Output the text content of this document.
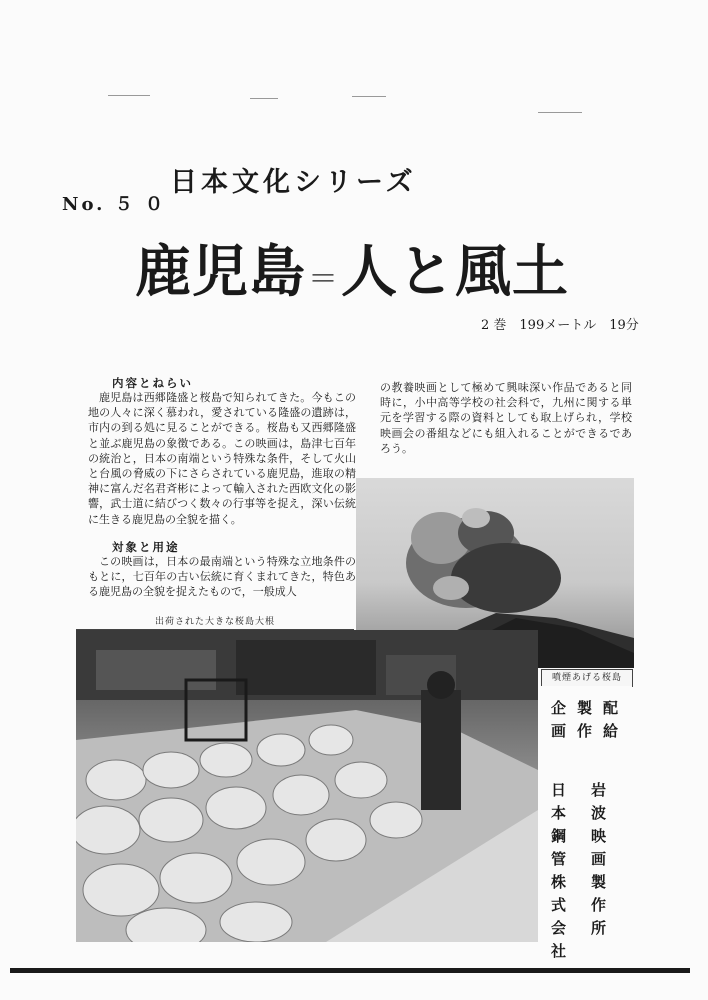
日本文化シリーズ
No. ５ ０
鹿児島＝人と風土
2 巻　199メートル　19分
内容とねらい
鹿児島は西郷隆盛と桜島で知られてきた。今もこの地の人々に深く慕われ，愛されている隆盛の遺跡は，市内の到る処に見ることができる。桜島も又西郷隆盛と並ぶ鹿児島の象徴である。この映画は，島津七百年の統治と，日本の南端という特殊な条件，そして火山と台風の脅威の下にさらされている鹿児島，進取の精神に富んだ名君斉彬によって輸入された西欧文化の影響，武士道に結びつく数々の行事等を捉え，深い伝統に生きる鹿児島の全貌を描く。
対象と用途
この映画は，日本の最南端という特殊な立地条件のもとに，七百年の古い伝統に育くまれてきた，特色ある鹿児島の全貌を捉えたもので，一般成人
の教養映画として極めて興味深い作品であると同時に，小中高等学校の社会科で，九州に関する単元を学習する際の資料としても取上げられ，学校映画会の番組などにも組入れることができるであろう。
出荷された大きな桜島大根
噴煙あげる桜島
配給
製作
企画
岩波映画製作所
日本鋼管株式会社
